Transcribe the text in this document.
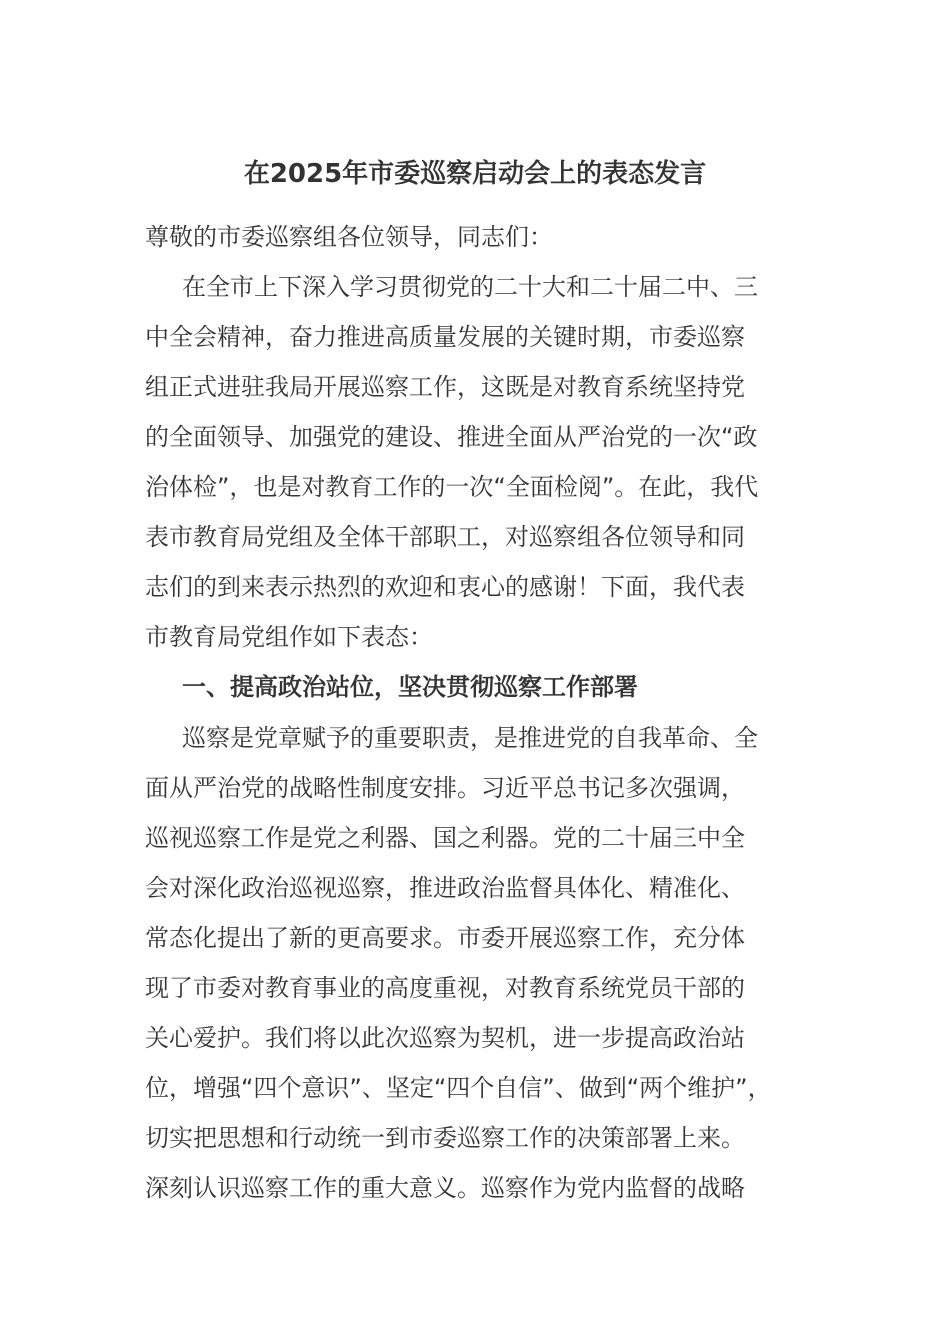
在2025年市委巡察启动会上的表态发言
尊敬的市委巡察组各位领导，同志们：
在全市上下深入学习贯彻党的二十大和二十届二中、三
中全会精神，奋力推进高质量发展的关键时期，市委巡察
组正式进驻我局开展巡察工作，这既是对教育系统坚持党
的全面领导、加强党的建设、推进全面从严治党的一次“政
治体检”，也是对教育工作的一次“全面检阅”。在此，我代
表市教育局党组及全体干部职工，对巡察组各位领导和同
志们的到来表示热烈的欢迎和衷心的感谢！下面，我代表
市教育局党组作如下表态：
一、提高政治站位，坚决贯彻巡察工作部署
巡察是党章赋予的重要职责，是推进党的自我革命、全
面从严治党的战略性制度安排。习近平总书记多次强调，
巡视巡察工作是党之利器、国之利器。党的二十届三中全
会对深化政治巡视巡察，推进政治监督具体化、精准化、
常态化提出了新的更高要求。市委开展巡察工作，充分体
现了市委对教育事业的高度重视，对教育系统党员干部的
关心爱护。我们将以此次巡察为契机，进一步提高政治站
位，增强“四个意识”、坚定“四个自信”、做到“两个维护”，
切实把思想和行动统一到市委巡察工作的决策部署上来。
深刻认识巡察工作的重大意义。巡察作为党内监督的战略
